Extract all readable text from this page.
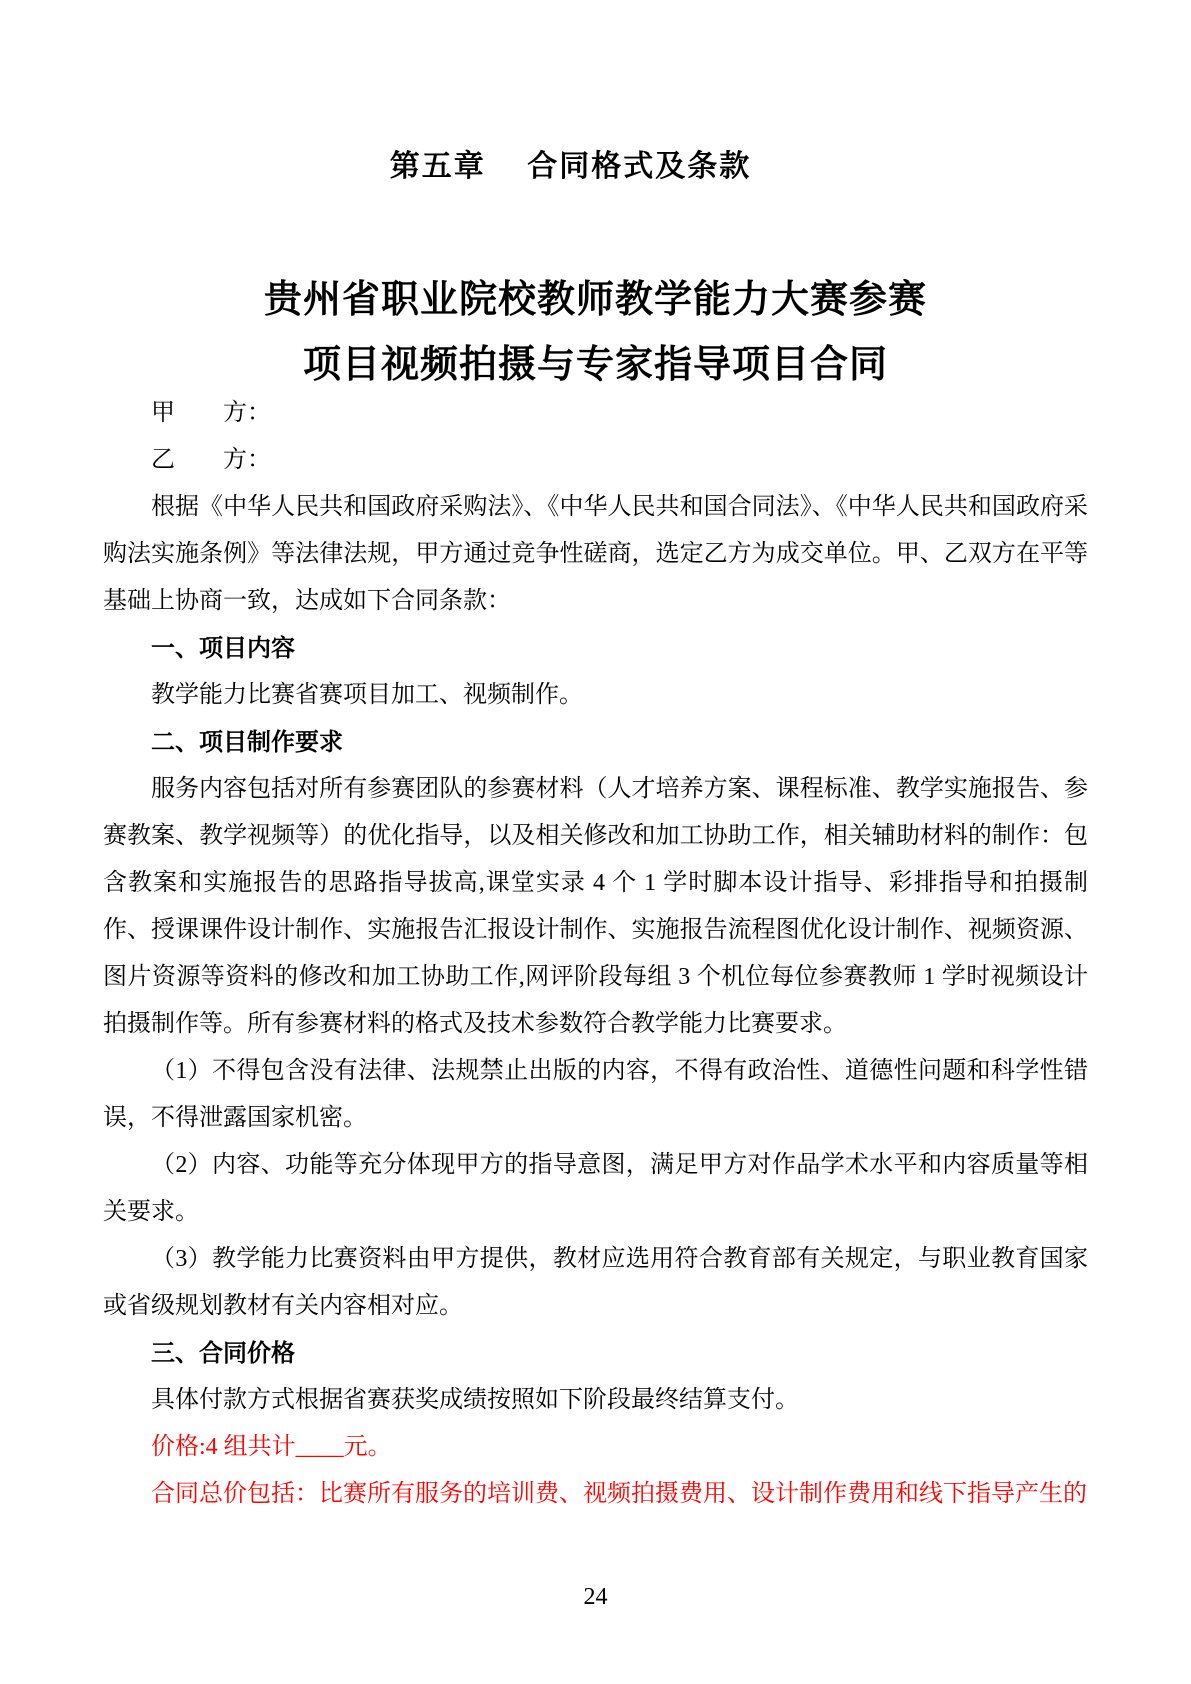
第五章　 合同格式及条款
贵州省职业院校教师教学能力大赛参赛
项目视频拍摄与专家指导项目合同

甲　　方：

乙　　方：

根据《中华人民共和国政府采购法》、《中华人民共和国合同法》、《中华人民共和国政府采购法实施条例》等法律法规，甲方通过竞争性磋商，选定乙方为成交单位。甲、乙双方在平等基础上协商一致，达成如下合同条款：

一、项目内容

教学能力比赛省赛项目加工、视频制作。

二、项目制作要求

服务内容包括对所有参赛团队的参赛材料（人才培养方案、课程标准、教学实施报告、参赛教案、教学视频等）的优化指导，以及相关修改和加工协助工作，相关辅助材料的制作：包含教案和实施报告的思路指导拔高,课堂实录 4 个 1 学时脚本设计指导、彩排指导和拍摄制作、授课课件设计制作、实施报告汇报设计制作、实施报告流程图优化设计制作、视频资源、图片资源等资料的修改和加工协助工作,网评阶段每组 3 个机位每位参赛教师 1 学时视频设计拍摄制作等。所有参赛材料的格式及技术参数符合教学能力比赛要求。

（1）不得包含没有法律、法规禁止出版的内容，不得有政治性、道德性问题和科学性错误，不得泄露国家机密。

（2）内容、功能等充分体现甲方的指导意图，满足甲方对作品学术水平和内容质量等相关要求。

（3）教学能力比赛资料由甲方提供，教材应选用符合教育部有关规定，与职业教育国家或省级规划教材有关内容相对应。

三、合同价格

具体付款方式根据省赛获奖成绩按照如下阶段最终结算支付。

价格:4 组共计____元。

合同总价包括：比赛所有服务的培训费、视频拍摄费用、设计制作费用和线下指导产生的

24
